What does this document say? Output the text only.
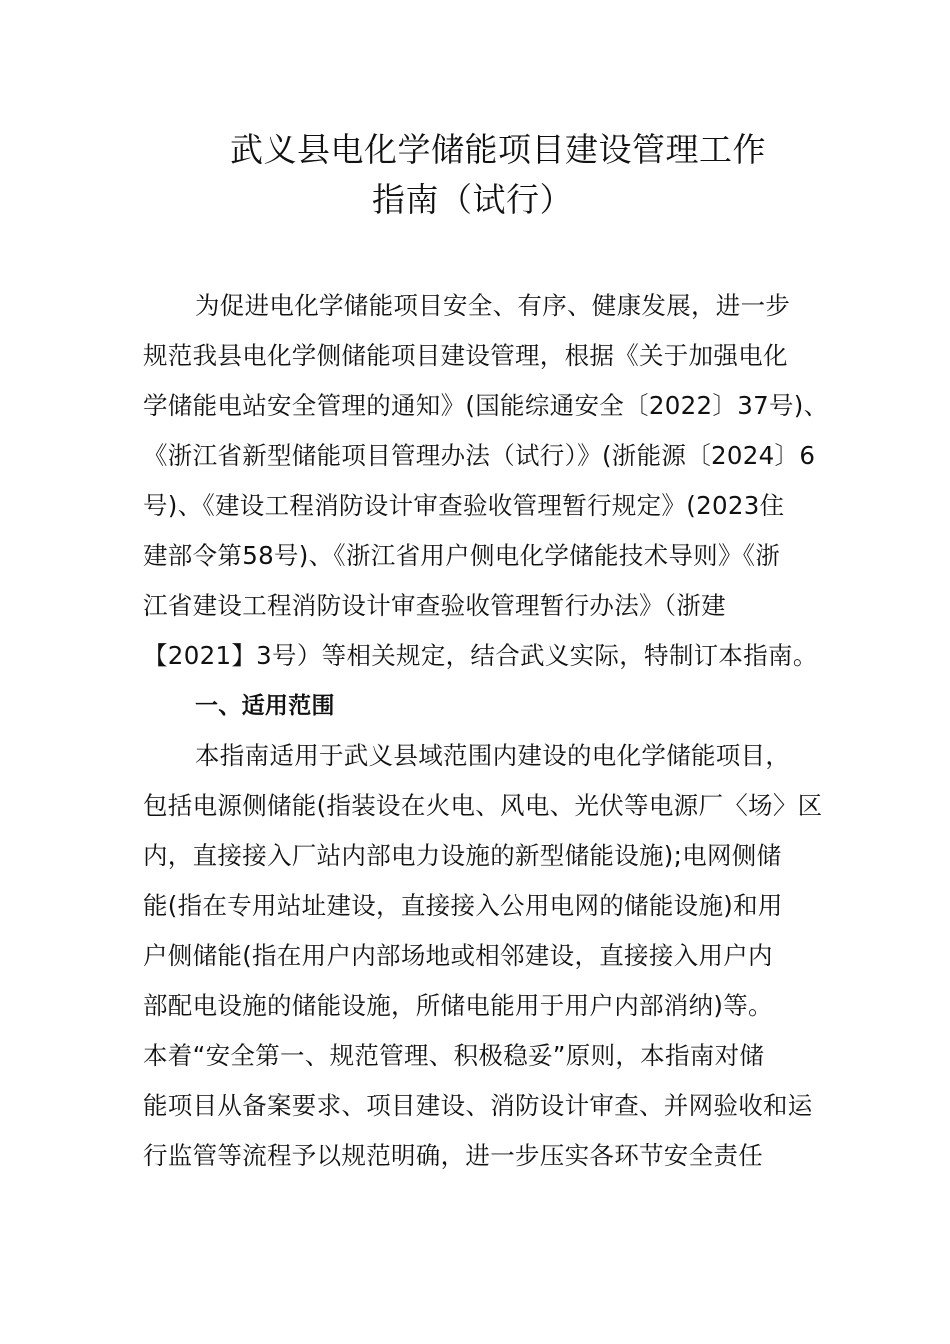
武义县电化学储能项目建设管理工作
指南（试行）
为促进电化学储能项目安全、有序、健康发展，进一步
规范我县电化学侧储能项目建设管理，根据《关于加强电化
学储能电站安全管理的通知》(国能综通安全〔2022〕37号)、
《浙江省新型储能项目管理办法（试行）》(浙能源〔2024〕6
号)、《建设工程消防设计审查验收管理暂行规定》(2023住
建部令第58号)、《浙江省用户侧电化学储能技术导则》《浙
江省建设工程消防设计审查验收管理暂行办法》（浙建
【2021】3号）等相关规定，结合武义实际，特制订本指南。
一、适用范围
本指南适用于武义县域范围内建设的电化学储能项目，
包括电源侧储能(指装设在火电、风电、光伏等电源厂〈场〉区
内，直接接入厂站内部电力设施的新型储能设施);电网侧储
能(指在专用站址建设，直接接入公用电网的储能设施)和用
户侧储能(指在用户内部场地或相邻建设，直接接入用户内
部配电设施的储能设施，所储电能用于用户内部消纳)等。
本着“安全第一、规范管理、积极稳妥”原则，本指南对储
能项目从备案要求、项目建设、消防设计审查、并网验收和运
行监管等流程予以规范明确，进一步压实各环节安全责任
